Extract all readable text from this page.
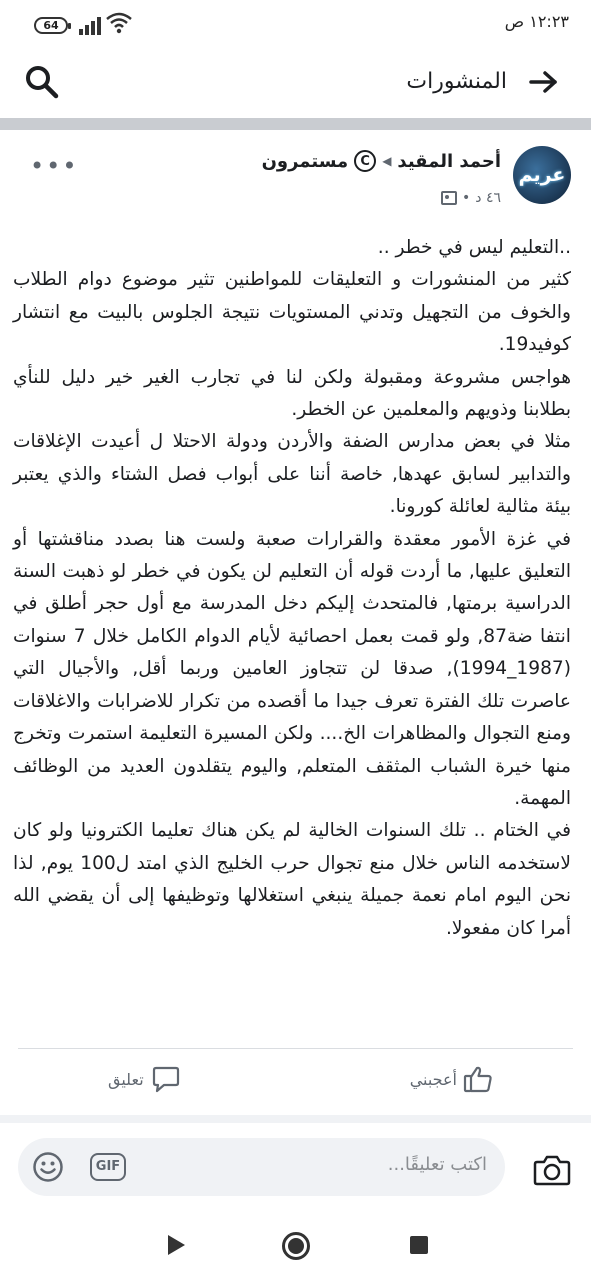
64	١٢:٢٣ ص
المنشورات
عريم
أحمد المقيد
◀
C
مستمرون
٤٦ د
•
•••

..التعليم ليس في خطر ..

كثير من المنشورات و التعليقات للمواطنين تثير موضوع دوام الطلاب والخوف من التجهيل وتدني المستويات نتيجة الجلوس بالبيت مع انتشار كوفيد19.

هواجس مشروعة ومقبولة ولكن لنا في تجارب الغير خير دليل للنأي بطلابنا وذويهم والمعلمين عن الخطر.

مثلا في بعض مدارس الضفة والأردن ودولة الاحتلا ل أعيدت الإغلاقات والتدابير لسابق عهدها, خاصة أننا على أبواب فصل الشتاء والذي يعتبر بيئة مثالية لعائلة كورونا.

في غزة الأمور معقدة والقرارات صعبة ولست هنا بصدد مناقشتها أو التعليق عليها, ما أردت قوله أن التعليم لن يكون في خطر لو ذهبت السنة الدراسية برمتها, فالمتحدث إليكم دخل المدرسة مع أول حجر أطلق في انتفا ضة87, ولو قمت بعمل احصائية لأيام الدوام الكامل خلال 7 سنوات (1987_1994), صدقا لن تتجاوز العامين وربما أقل, والأجيال التي عاصرت تلك الفترة تعرف جيدا ما أقصده من تكرار للاضرابات والاغلاقات ومنع التجوال والمظاهرات الخ.... ولكن المسيرة التعليمة استمرت وتخرج منها خيرة الشباب المثقف المتعلم, واليوم يتقلدون العديد من الوظائف المهمة.

في الختام .. تلك السنوات الخالية لم يكن هناك تعليما الكترونيا ولو كان لاستخدمه الناس خلال منع تجوال حرب الخليج الذي امتد ل100 يوم, لذا نحن اليوم امام نعمة جميلة ينبغي استغلالها وتوظيفها إلى أن يقضي الله أمرا كان مفعولا.

أعجبني
تعليق
GIF	اكتب تعليقًا...
